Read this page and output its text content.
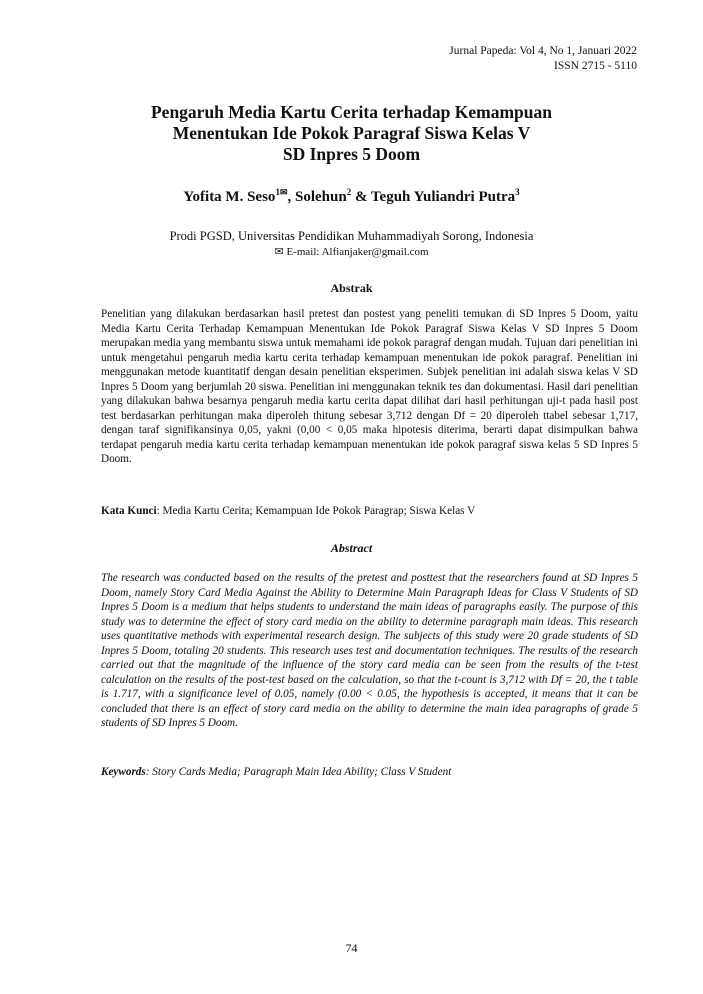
Jurnal Papeda: Vol 4, No 1, Januari 2022
ISSN 2715 - 5110
Pengaruh Media Kartu Cerita terhadap Kemampuan
Menentukan Ide Pokok Paragraf Siswa Kelas V
SD Inpres 5 Doom
Yofita M. Seso$^{1✉}$, Solehun$^2$ & Teguh Yuliandri Putra$^3$
Prodi PGSD, Universitas Pendidikan Muhammadiyah Sorong, Indonesia
✉ E-mail: Alfianjaker@gmail.com
Abstrak
Penelitian yang dilakukan berdasarkan hasil pretest dan postest yang peneliti temukan di SD Inpres 5 Doom, yaitu Media Kartu Cerita Terhadap Kemampuan Menentukan Ide Pokok Paragraf Siswa Kelas V SD Inpres 5 Doom merupakan media yang membantu siswa untuk memahami ide pokok paragraf dengan mudah. Tujuan dari penelitian ini untuk mengetahui pengaruh media kartu cerita terhadap kemampuan menentukan ide pokok paragraf. Penelitian ini menggunakan metode kuantitatif dengan desain penelitian eksperimen. Subjek penelitian ini adalah siswa kelas V SD Inpres 5 Doom yang berjumlah 20 siswa. Penelitian ini menggunakan teknik tes dan dokumentasi. Hasil dari penelitian yang dilakukan bahwa besarnya pengaruh media kartu cerita dapat dilihat dari hasil perhitungan uji-t pada hasil post test berdasarkan perhitungan maka diperoleh thitung sebesar 3,712 dengan Df = 20 diperoleh ttabel sebesar 1,717, dengan taraf signifikansinya 0,05, yakni (0,00 < 0,05 maka hipotesis diterima, berarti dapat disimpulkan bahwa terdapat pengaruh media kartu cerita terhadap kemampuan menentukan ide pokok paragraf siswa kelas 5 SD Inpres 5 Doom.
Kata Kunci: Media Kartu Cerita; Kemampuan Ide Pokok Paragrap; Siswa Kelas V
Abstract
The research was conducted based on the results of the pretest and posttest that the researchers found at SD Inpres 5 Doom, namely Story Card Media Against the Ability to Determine Main Paragraph Ideas for Class V Students of SD Inpres 5 Doom is a medium that helps students to understand the main ideas of paragraphs easily. The purpose of this study was to determine the effect of story card media on the ability to determine paragraph main ideas. This research uses quantitative methods with experimental research design. The subjects of this study were 20 grade students of SD Inpres 5 Doom, totaling 20 students. This research uses test and documentation techniques. The results of the research carried out that the magnitude of the influence of the story card media can be seen from the results of the t-test calculation on the results of the post-test based on the calculation, so that the t-count is 3,712 with Df = 20, the t table is 1.717, with a significance level of 0.05, namely (0.00 < 0.05, the hypothesis is accepted, it means that it can be concluded that there is an effect of story card media on the ability to determine the main idea paragraphs of grade 5 students of SD Inpres 5 Doom.
Keywords: Story Cards Media; Paragraph Main Idea Ability; Class V Student
74
